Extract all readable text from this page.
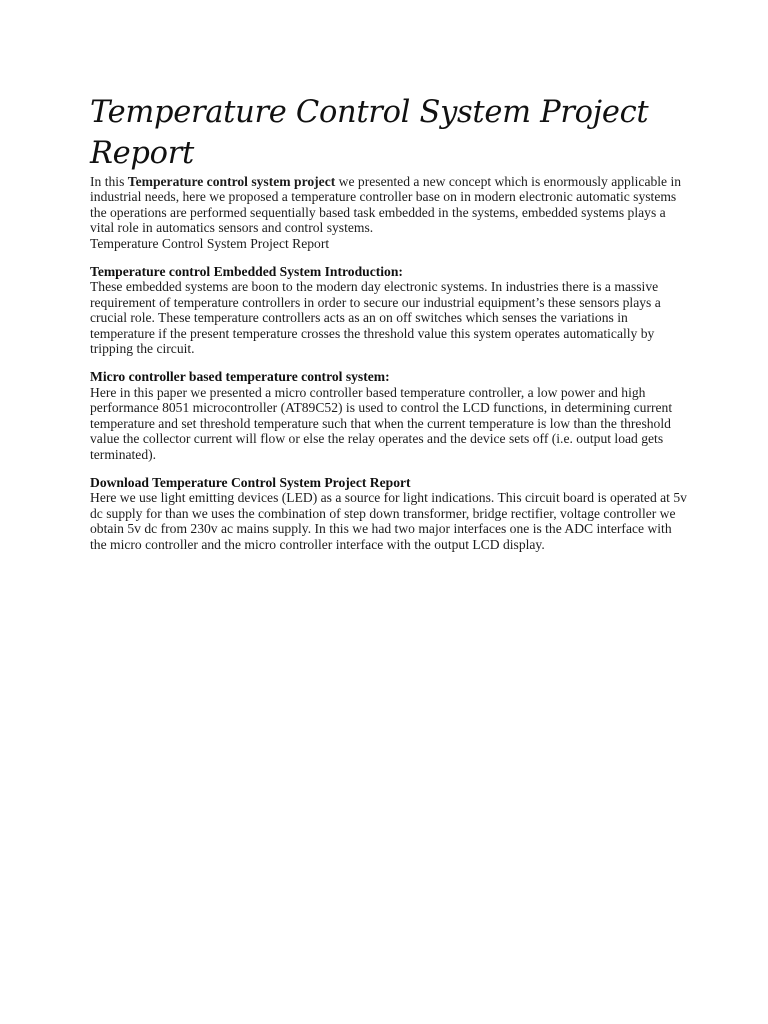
Temperature Control System Project Report

In this Temperature control system project we presented a new concept which is enormously applicable in industrial needs, here we proposed a temperature controller base on in modern electronic automatic systems the operations are performed sequentially based task embedded in the systems, embedded systems plays a vital role in automatics sensors and control systems.

Temperature Control System Project Report

Temperature control Embedded System Introduction:

These embedded systems are boon to the modern day electronic systems. In industries there is a massive requirement of temperature controllers in order to secure our industrial equipment’s these sensors plays a crucial role. These temperature controllers acts as an on off switches which senses the variations in temperature if the present temperature crosses the threshold value this system operates automatically by tripping the circuit.

Micro controller based temperature control system:

Here in this paper we presented a micro controller based temperature controller, a low power and high performance 8051 microcontroller (AT89C52) is used to control the LCD functions, in determining current temperature and set threshold temperature such that when the current temperature is low than the threshold value the collector current will flow or else the relay operates and the device sets off (i.e. output load gets terminated).

Download Temperature Control System Project Report

Here we use light emitting devices (LED) as a source for light indications. This circuit board is operated at 5v dc supply for than we uses the combination of step down transformer, bridge rectifier, voltage controller we obtain 5v dc from 230v ac mains supply. In this we had two major interfaces one is the ADC interface with the micro controller and the micro controller interface with the output LCD display.
